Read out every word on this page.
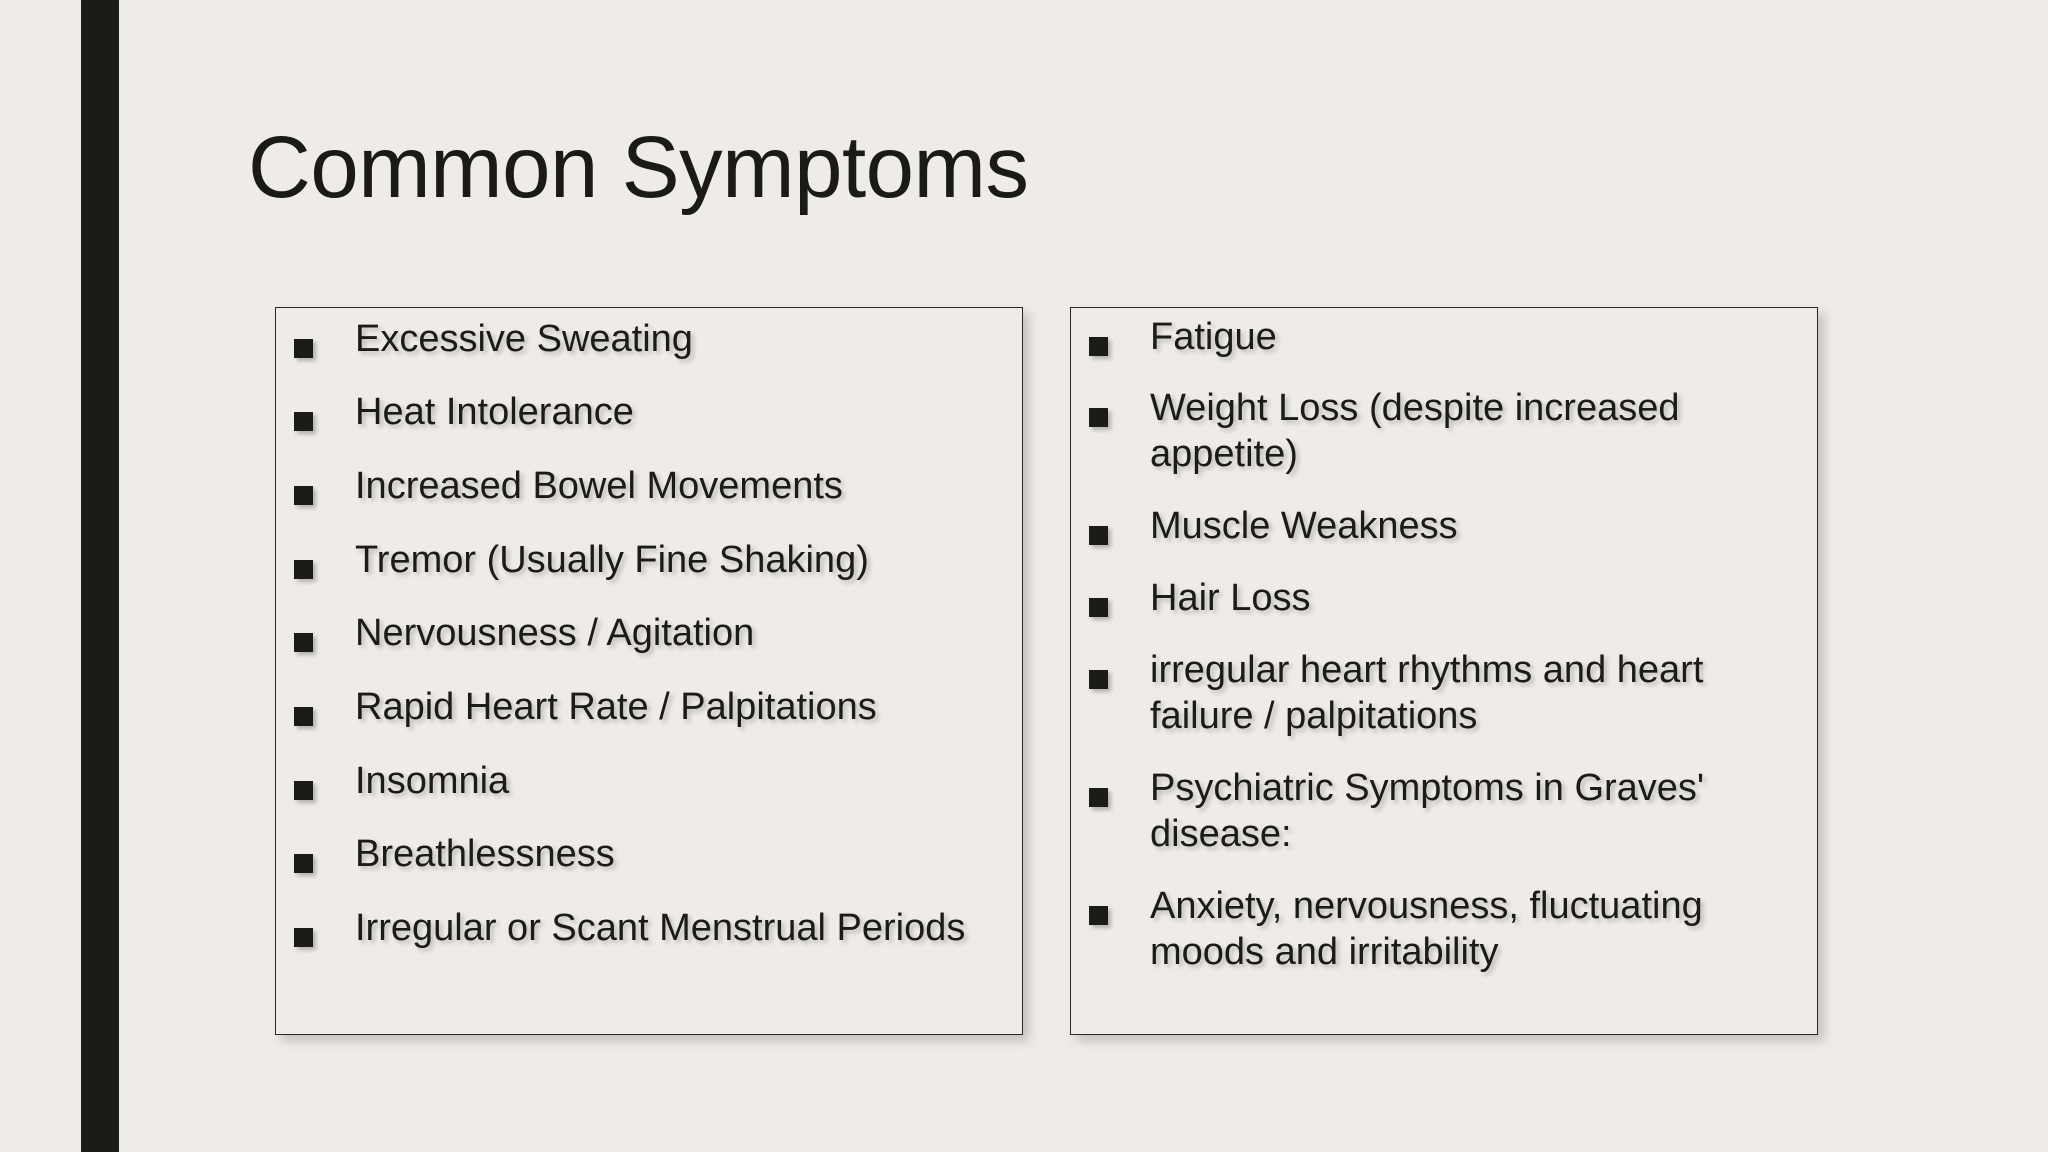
Common Symptoms
Excessive Sweating
Heat Intolerance
Increased Bowel Movements
Tremor (Usually Fine Shaking)
Nervousness / Agitation
Rapid Heart Rate / Palpitations
Insomnia
Breathlessness
Irregular or Scant Menstrual Periods
Fatigue
Weight Loss (despite increased appetite)
Muscle Weakness
Hair Loss
irregular heart rhythms and heart failure / palpitations
Psychiatric Symptoms in Graves' disease:
Anxiety, nervousness, fluctuating moods and irritability
